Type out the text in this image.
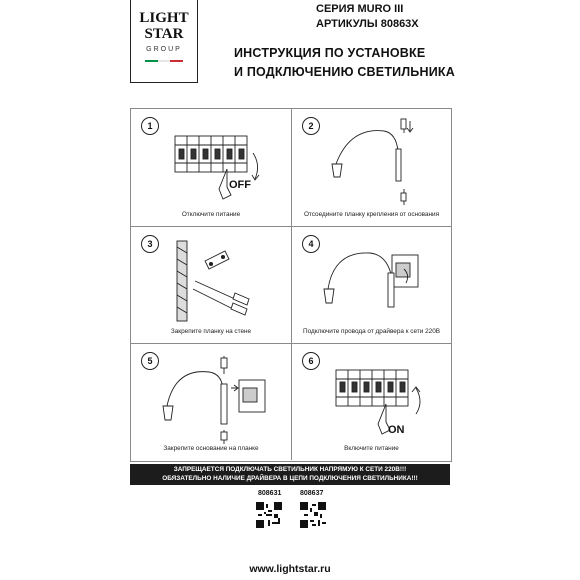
LIGHT
STAR
GROUP
СЕРИЯ MURO III
АРТИКУЛЫ 80863X
ИНСТРУКЦИЯ ПО УСТАНОВКЕ
И ПОДКЛЮЧЕНИЮ СВЕТИЛЬНИКА
1
OFF
Отключите питание
2
Отсоедините планку крепления от основания
3
Закрепите планку на стене
4
Подключите провода от драйвера к сети 220В
5
Закрепите основание на планке
6
ON
Включите питание
ЗАПРЕЩАЕТСЯ ПОДКЛЮЧАТЬ СВЕТИЛЬНИК НАПРЯМУЮ К СЕТИ 220В!!!
ОБЯЗАТЕЛЬНО НАЛИЧИЕ ДРАЙВЕРА В ЦЕПИ ПОДКЛЮЧЕНИЯ СВЕТИЛЬНИКА!!!
808631	808637
www.lightstar.ru
